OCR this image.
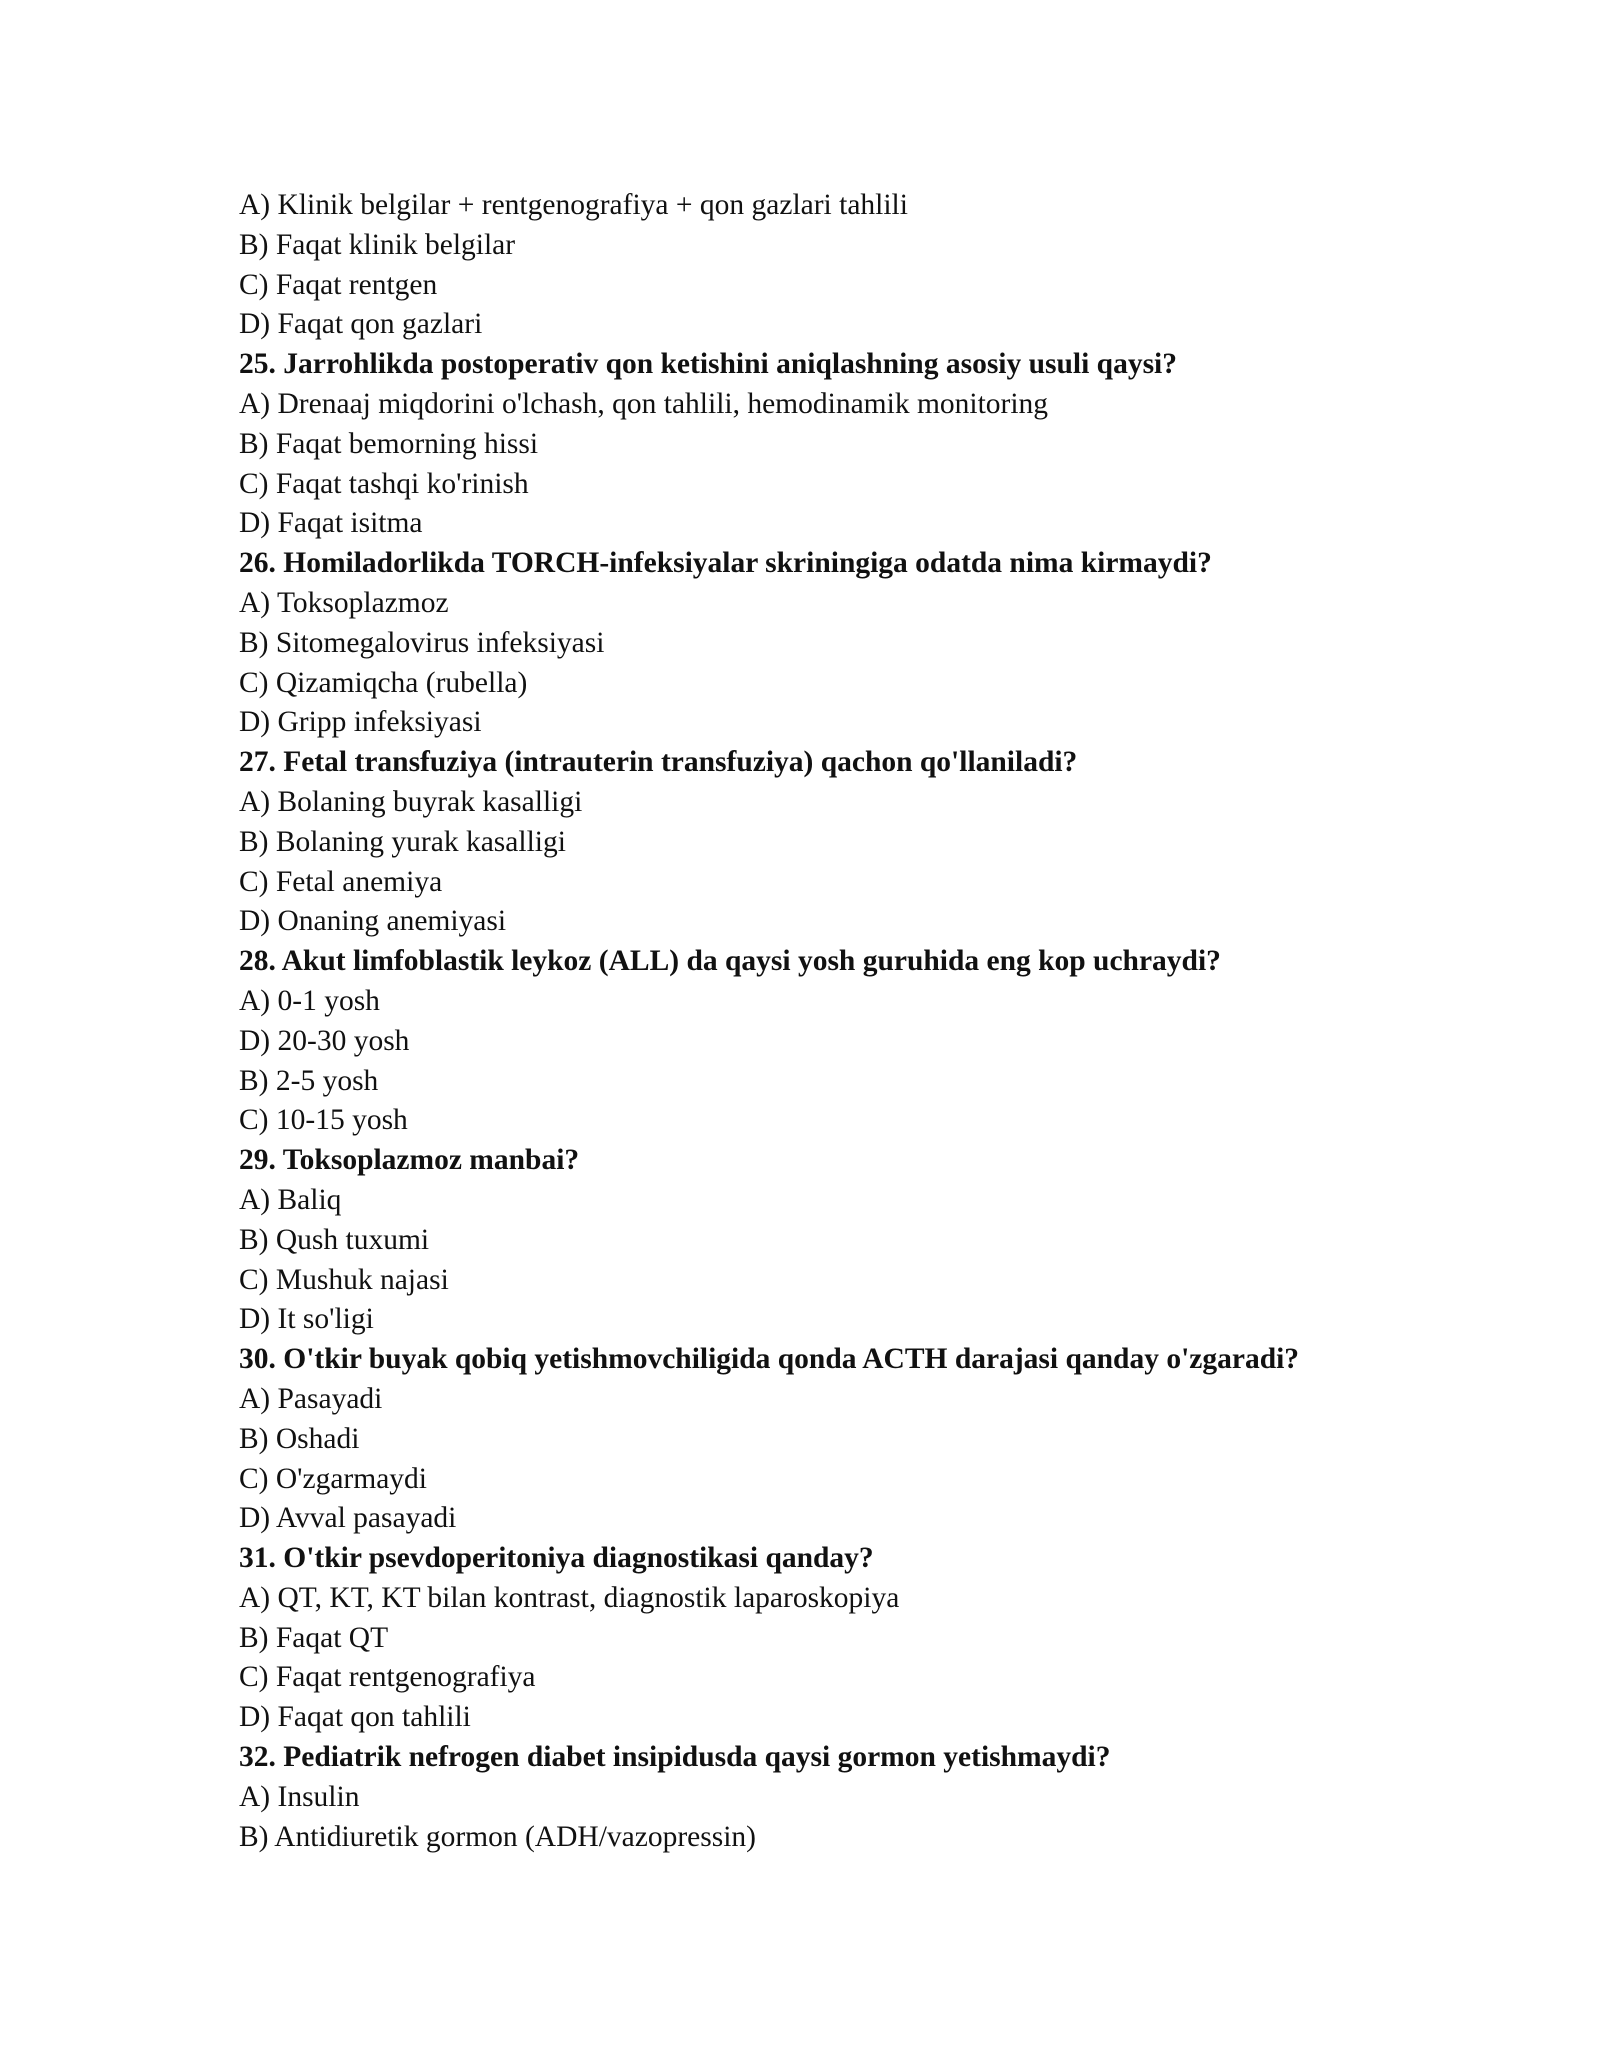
A) Klinik belgilar + rentgenografiya + qon gazlari tahlili
B) Faqat klinik belgilar
C) Faqat rentgen
D) Faqat qon gazlari
25. Jarrohlikda postoperativ qon ketishini aniqlashning asosiy usuli qaysi?
A) Drenaaj miqdorini o'lchash, qon tahlili, hemodinamik monitoring
B) Faqat bemorning hissi
C) Faqat tashqi ko'rinish
D) Faqat isitma
26. Homiladorlikda TORCH-infeksiyalar skriningiga odatda nima kirmaydi?
A) Toksoplazmoz
B) Sitomegalovirus infeksiyasi
C) Qizamiqcha (rubella)
D) Gripp infeksiyasi
27. Fetal transfuziya (intrauterin transfuziya) qachon qo'llaniladi?
A) Bolaning buyrak kasalligi
B) Bolaning yurak kasalligi
C) Fetal anemiya
D) Onaning anemiyasi
28. Akut limfoblastik leykoz (ALL) da qaysi yosh guruhida eng kop uchraydi?
A) 0-1 yosh
D) 20-30 yosh
B) 2-5 yosh
C) 10-15 yosh
29. Toksoplazmoz manbai?
A) Baliq
B) Qush tuxumi
C) Mushuk najasi
D) It so'ligi
30. O'tkir buyak qobiq yetishmovchiligida qonda ACTH darajasi qanday o'zgaradi?
A) Pasayadi
B) Oshadi
C) O'zgarmaydi
D) Avval pasayadi
31. O'tkir psevdoperitoniya diagnostikasi qanday?
A) QT, KT, KT bilan kontrast, diagnostik laparoskopiya
B) Faqat QT
C) Faqat rentgenografiya
D) Faqat qon tahlili
32. Pediatrik nefrogen diabet insipidusda qaysi gormon yetishmaydi?
A) Insulin
B) Antidiuretik gormon (ADH/vazopressin)
